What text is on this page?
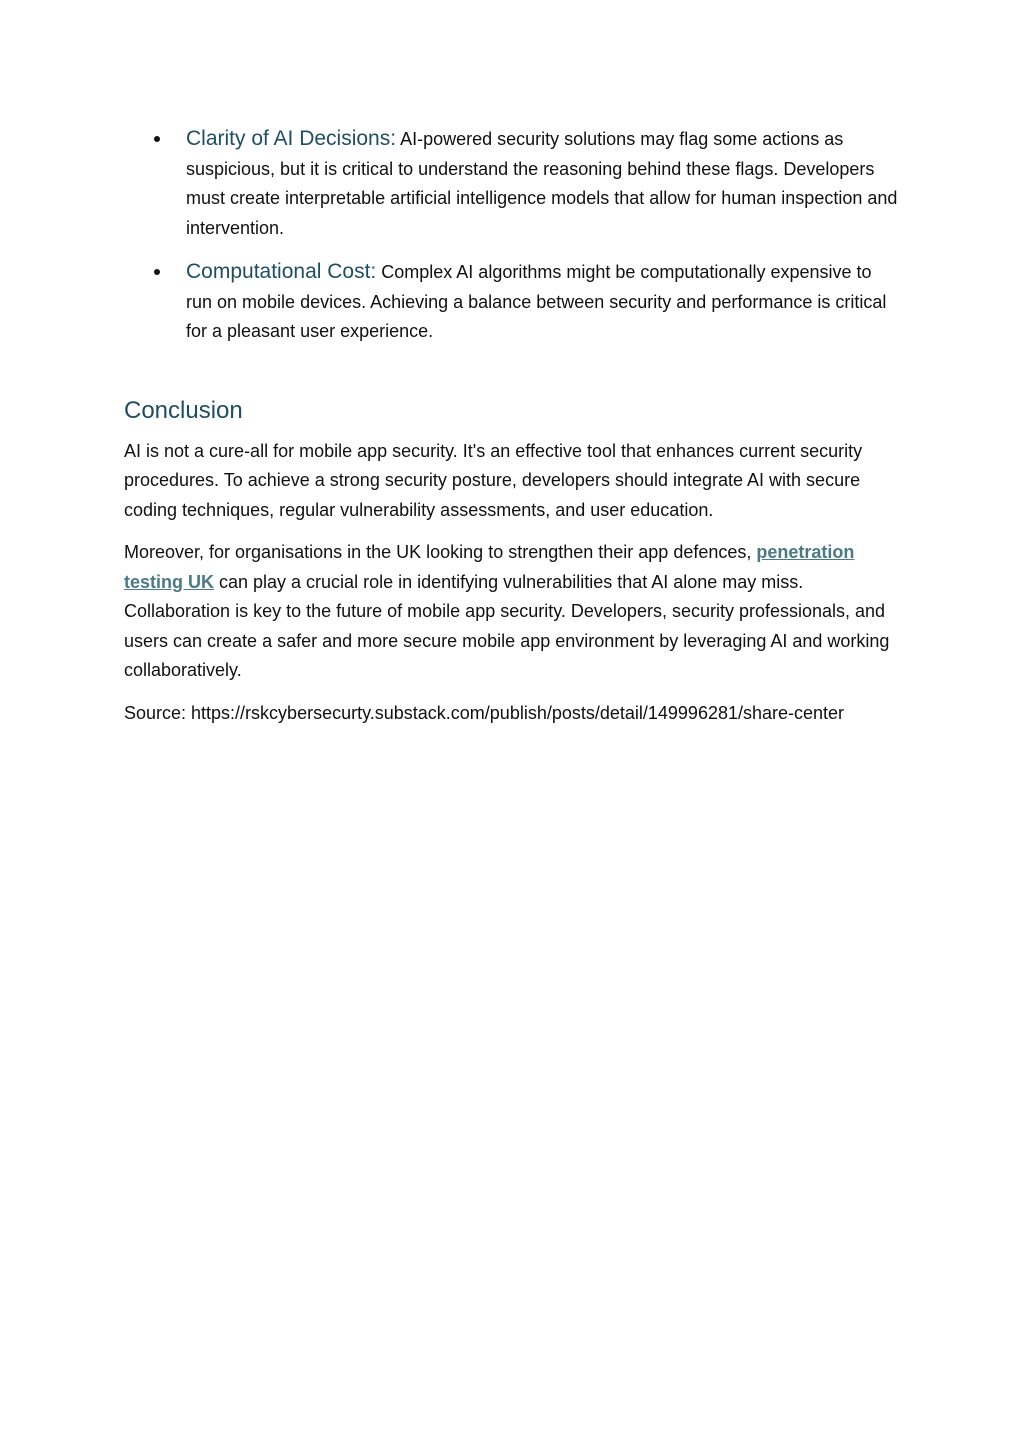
Clarity of AI Decisions: AI-powered security solutions may flag some actions as suspicious, but it is critical to understand the reasoning behind these flags. Developers must create interpretable artificial intelligence models that allow for human inspection and intervention.
Computational Cost: Complex AI algorithms might be computationally expensive to run on mobile devices. Achieving a balance between security and performance is critical for a pleasant user experience.
Conclusion

AI is not a cure-all for mobile app security. It's an effective tool that enhances current security procedures. To achieve a strong security posture, developers should integrate AI with secure coding techniques, regular vulnerability assessments, and user education.

Moreover, for organisations in the UK looking to strengthen their app defences, penetration testing UK can play a crucial role in identifying vulnerabilities that AI alone may miss. Collaboration is key to the future of mobile app security. Developers, security professionals, and users can create a safer and more secure mobile app environment by leveraging AI and working collaboratively.

Source: https://rskcybersecurty.substack.com/publish/posts/detail/149996281/share-center
